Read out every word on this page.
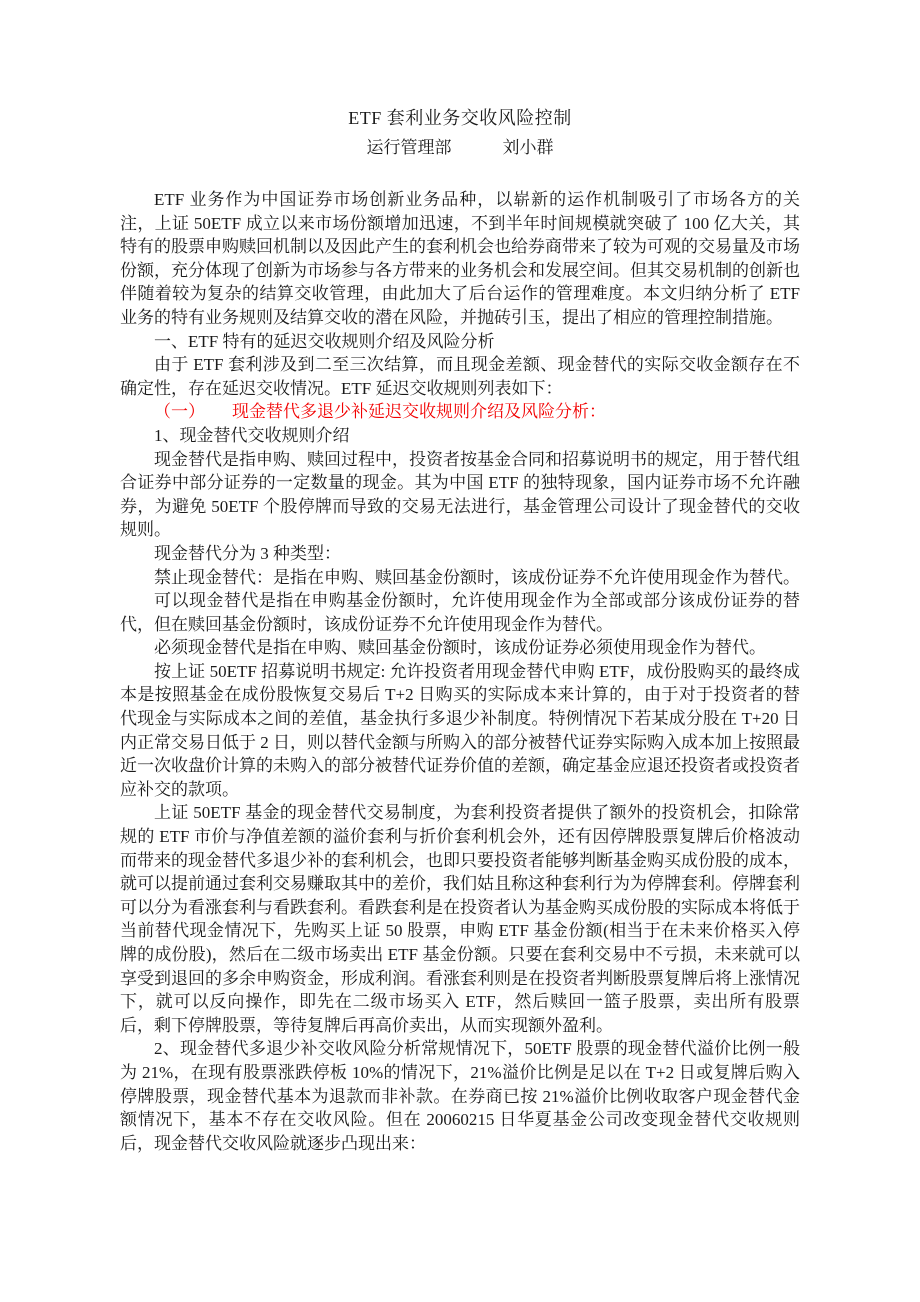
ETF 套利业务交收风险控制
运行管理部　　　刘小群

ETF 业务作为中国证券市场创新业务品种，以崭新的运作机制吸引了市场各方的关注，上证 50ETF 成立以来市场份额增加迅速，不到半年时间规模就突破了 100 亿大关，其特有的股票申购赎回机制以及因此产生的套利机会也给券商带来了较为可观的交易量及市场份额，充分体现了创新为市场参与各方带来的业务机会和发展空间。但其交易机制的创新也伴随着较为复杂的结算交收管理，由此加大了后台运作的管理难度。本文归纳分析了 ETF 业务的特有业务规则及结算交收的潜在风险，并抛砖引玉，提出了相应的管理控制措施。

一、ETF 特有的延迟交收规则介绍及风险分析

由于 ETF 套利涉及到二至三次结算，而且现金差额、现金替代的实际交收金额存在不确定性，存在延迟交收情况。ETF 延迟交收规则列表如下：

（一） 现金替代多退少补延迟交收规则介绍及风险分析：

1、现金替代交收规则介绍

现金替代是指申购、赎回过程中，投资者按基金合同和招募说明书的规定，用于替代组合证券中部分证券的一定数量的现金。其为中国 ETF 的独特现象，国内证券市场不允许融券，为避免 50ETF 个股停牌而导致的交易无法进行，基金管理公司设计了现金替代的交收规则。

现金替代分为 3 种类型：

禁止现金替代：是指在申购、赎回基金份额时，该成份证券不允许使用现金作为替代。

可以现金替代是指在申购基金份额时，允许使用现金作为全部或部分该成份证券的替代，但在赎回基金份额时，该成份证券不允许使用现金作为替代。

必须现金替代是指在申购、赎回基金份额时，该成份证券必须使用现金作为替代。

按上证 50ETF 招募说明书规定: 允许投资者用现金替代申购 ETF，成份股购买的最终成本是按照基金在成份股恢复交易后 T+2 日购买的实际成本来计算的，由于对于投资者的替代现金与实际成本之间的差值，基金执行多退少补制度。特例情况下若某成分股在 T+20 日内正常交易日低于 2 日，则以替代金额与所购入的部分被替代证券实际购入成本加上按照最近一次收盘价计算的未购入的部分被替代证券价值的差额，确定基金应退还投资者或投资者应补交的款项。

上证 50ETF 基金的现金替代交易制度，为套利投资者提供了额外的投资机会，扣除常规的 ETF 市价与净值差额的溢价套利与折价套利机会外，还有因停牌股票复牌后价格波动而带来的现金替代多退少补的套利机会，也即只要投资者能够判断基金购买成份股的成本，就可以提前通过套利交易赚取其中的差价，我们姑且称这种套利行为为停牌套利。停牌套利可以分为看涨套利与看跌套利。看跌套利是在投资者认为基金购买成份股的实际成本将低于当前替代现金情况下，先购买上证 50 股票，申购 ETF 基金份额(相当于在未来价格买入停牌的成份股)，然后在二级市场卖出 ETF 基金份额。只要在套利交易中不亏损，未来就可以享受到退回的多余申购资金，形成利润。看涨套利则是在投资者判断股票复牌后将上涨情况下，就可以反向操作，即先在二级市场买入 ETF，然后赎回一篮子股票，卖出所有股票后，剩下停牌股票，等待复牌后再高价卖出，从而实现额外盈利。

2、现金替代多退少补交收风险分析常规情况下，50ETF 股票的现金替代溢价比例一般为 21%，在现有股票涨跌停板 10%的情况下，21%溢价比例是足以在 T+2 日或复牌后购入停牌股票，现金替代基本为退款而非补款。在券商已按 21%溢价比例收取客户现金替代金额情况下，基本不存在交收风险。但在 20060215 日华夏基金公司改变现金替代交收规则后，现金替代交收风险就逐步凸现出来：
